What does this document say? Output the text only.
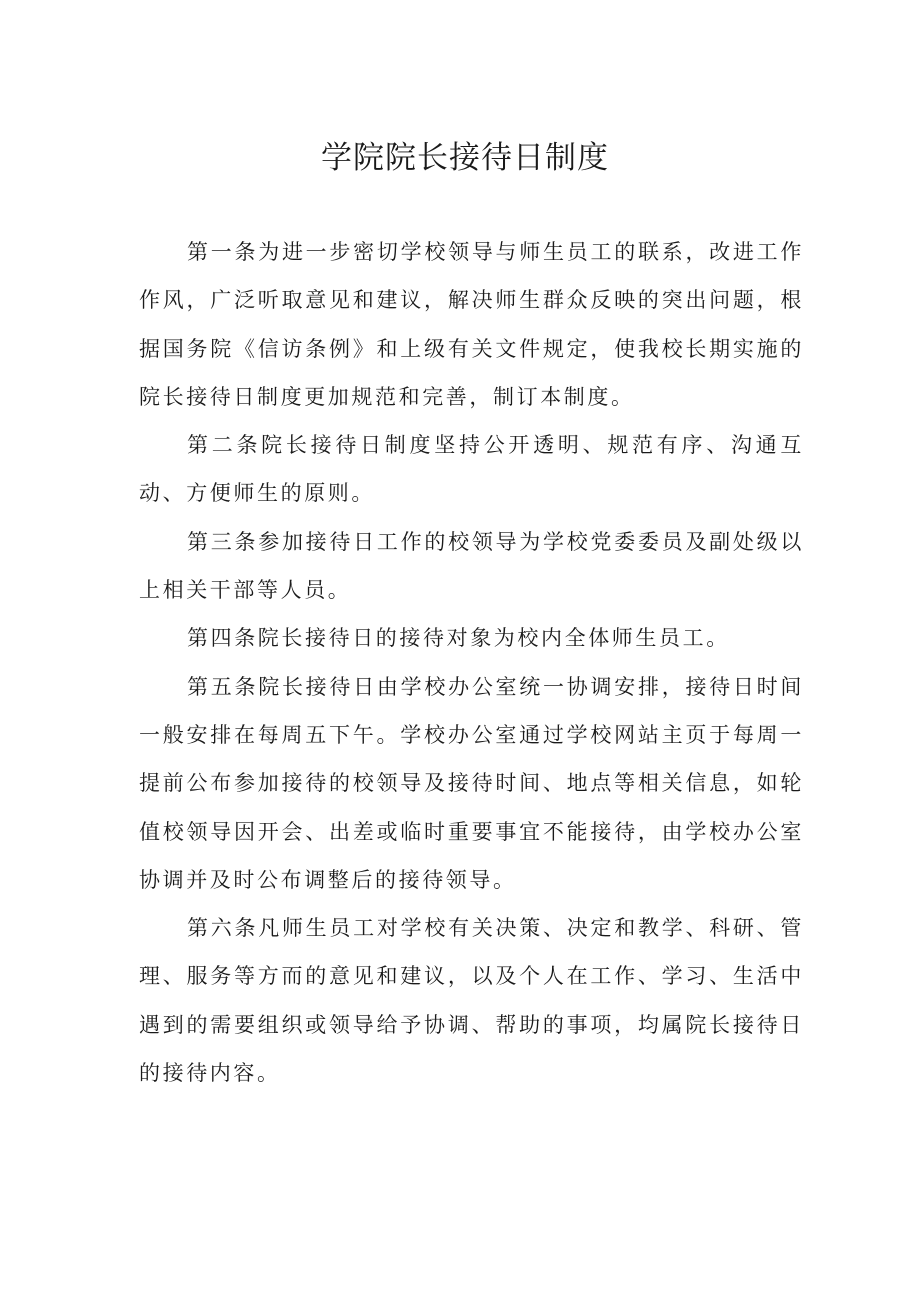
学院院长接待日制度

第一条为进一步密切学校领导与师生员工的联系，改进工作作风，广泛听取意见和建议，解决师生群众反映的突出问题，根据国务院《信访条例》和上级有关文件规定，使我校长期实施的院长接待日制度更加规范和完善，制订本制度。

第二条院长接待日制度坚持公开透明、规范有序、沟通互动、方便师生的原则。

第三条参加接待日工作的校领导为学校党委委员及副处级以上相关干部等人员。

第四条院长接待日的接待对象为校内全体师生员工。

第五条院长接待日由学校办公室统一协调安排，接待日时间一般安排在每周五下午。学校办公室通过学校网站主页于每周一提前公布参加接待的校领导及接待时间、地点等相关信息，如轮值校领导因开会、出差或临时重要事宜不能接待，由学校办公室协调并及时公布调整后的接待领导。

第六条凡师生员工对学校有关决策、决定和教学、科研、管理、服务等方而的意见和建议，以及个人在工作、学习、生活中遇到的需要组织或领导给予协调、帮助的事项，均属院长接待日的接待内容。
